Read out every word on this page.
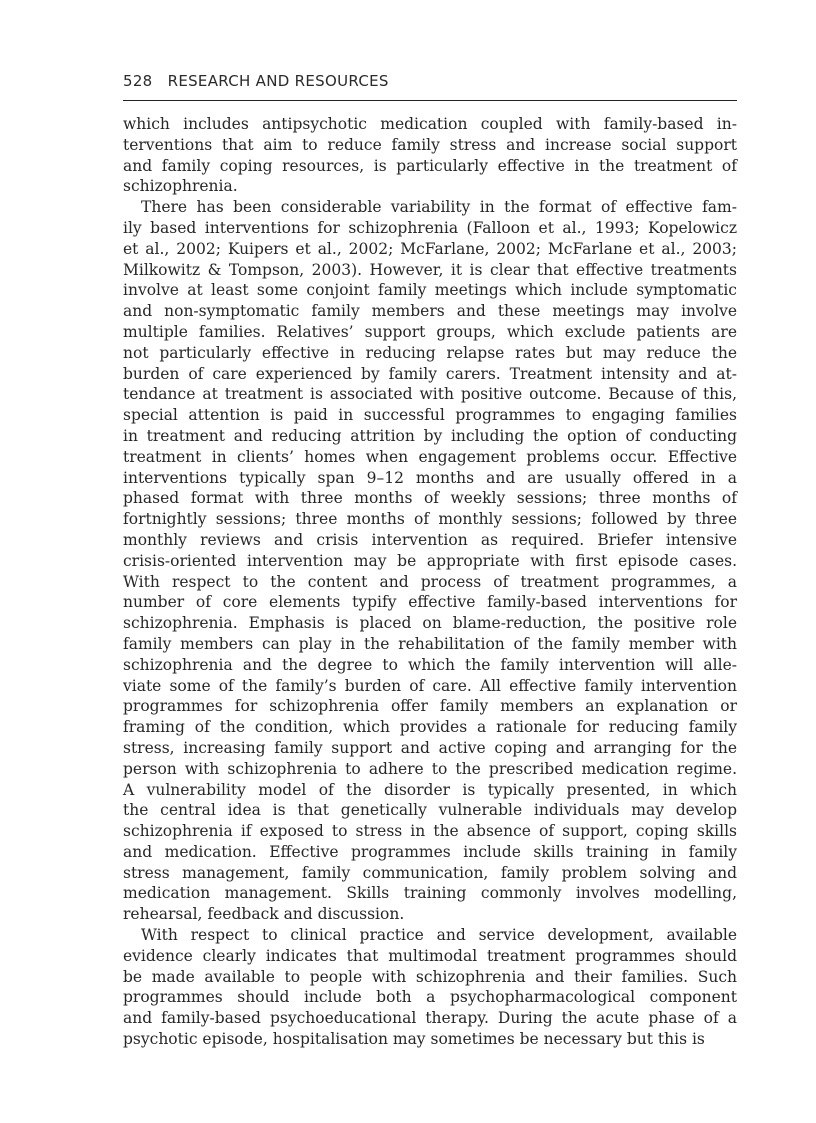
528 RESEARCH AND RESOURCES
which includes antipsychotic medication coupled with family-based in-
terventions that aim to reduce family stress and increase social support
and family coping resources, is particularly effective in the treatment of
schizophrenia.
There has been considerable variability in the format of effective fam-
ily based interventions for schizophrenia (Falloon et al., 1993; Kopelowicz
et al., 2002; Kuipers et al., 2002; McFarlane, 2002; McFarlane et al., 2003;
Milkowitz & Tompson, 2003). However, it is clear that effective treatments
involve at least some conjoint family meetings which include symptomatic
and non-symptomatic family members and these meetings may involve
multiple families. Relatives’ support groups, which exclude patients are
not particularly effective in reducing relapse rates but may reduce the
burden of care experienced by family carers. Treatment intensity and at-
tendance at treatment is associated with positive outcome. Because of this,
special attention is paid in successful programmes to engaging families
in treatment and reducing attrition by including the option of conducting
treatment in clients’ homes when engagement problems occur. Effective
interventions typically span 9–12 months and are usually offered in a
phased format with three months of weekly sessions; three months of
fortnightly sessions; three months of monthly sessions; followed by three
monthly reviews and crisis intervention as required. Briefer intensive
crisis-oriented intervention may be appropriate with first episode cases.
With respect to the content and process of treatment programmes, a
number of core elements typify effective family-based interventions for
schizophrenia. Emphasis is placed on blame-reduction, the positive role
family members can play in the rehabilitation of the family member with
schizophrenia and the degree to which the family intervention will alle-
viate some of the family’s burden of care. All effective family intervention
programmes for schizophrenia offer family members an explanation or
framing of the condition, which provides a rationale for reducing family
stress, increasing family support and active coping and arranging for the
person with schizophrenia to adhere to the prescribed medication regime.
A vulnerability model of the disorder is typically presented, in which
the central idea is that genetically vulnerable individuals may develop
schizophrenia if exposed to stress in the absence of support, coping skills
and medication. Effective programmes include skills training in family
stress management, family communication, family problem solving and
medication management. Skills training commonly involves modelling,
rehearsal, feedback and discussion.
With respect to clinical practice and service development, available
evidence clearly indicates that multimodal treatment programmes should
be made available to people with schizophrenia and their families. Such
programmes should include both a psychopharmacological component
and family-based psychoeducational therapy. During the acute phase of a
psychotic episode, hospitalisation may sometimes be necessary but this is
